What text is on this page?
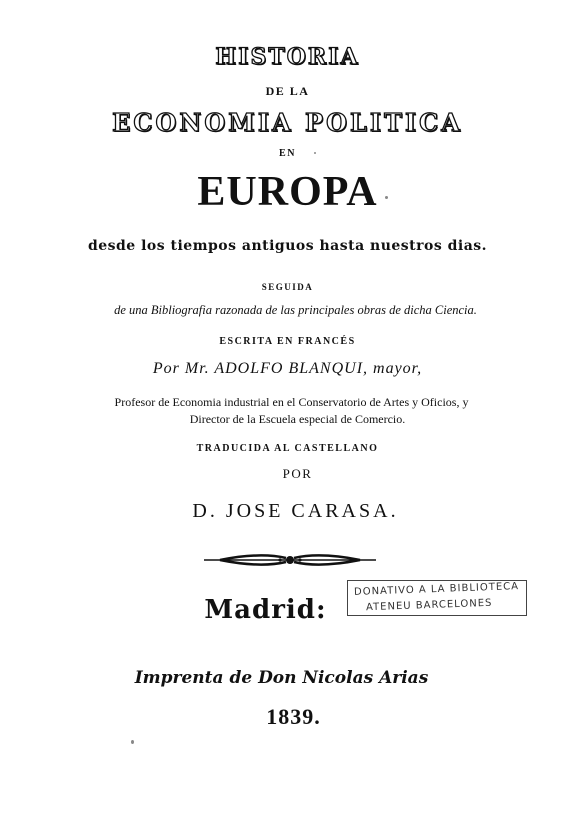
HISTORIA
DE LA
ECONOMIA POLITICA
EN
EUROPA
desde los tiempos antiguos hasta nuestros dias.
SEGUIDA
de una Bibliografia razonada de las principales obras de dicha Ciencia.
ESCRITA EN FRANCÉS
Por Mr. ADOLFO BLANQUI, mayor,
Profesor de Economia industrial en el Conservatorio de Artes y Oficios, y
Director de la Escuela especial de Comercio.
TRADUCIDA AL CASTELLANO
POR
D. JOSE CARASA.
DONATIVO A LA BIBLIOTECA
ATENEU BARCELONES
Madrid:
Imprenta de Don Nicolas Arias
1839.
